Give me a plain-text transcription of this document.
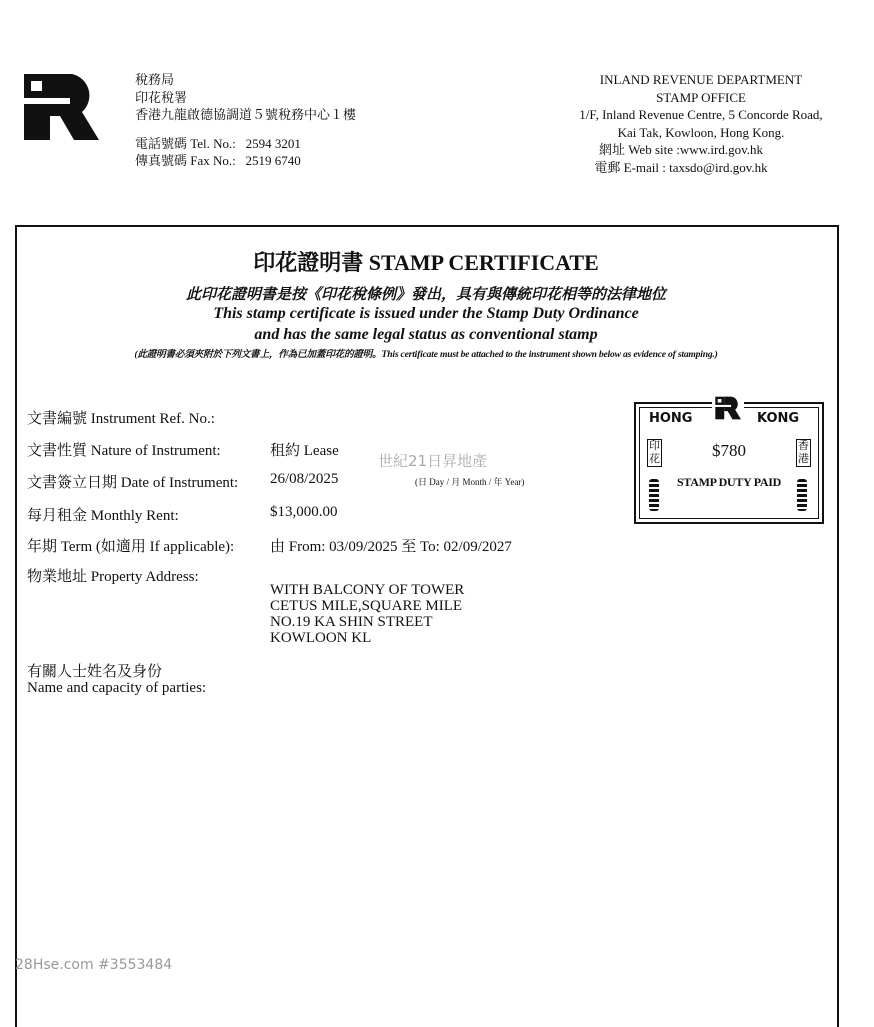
稅務局
印花稅署
香港九龍啟德協調道５號稅務中心１樓
電話號碼 Tel. No.: 2594 3201
傳真號碼 Fax No.: 2519 6740
INLAND REVENUE DEPARTMENT
STAMP OFFICE
1/F, Inland Revenue Centre, 5 Concorde Road,
Kai Tak, Kowloon, Hong Kong.
網址 Web site :www.ird.gov.hk
電郵 E-mail : taxsdo@ird.gov.hk
印花證明書 STAMP CERTIFICATE
此印花證明書是按《印花稅條例》發出，具有與傳統印花相等的法律地位
This stamp certificate is issued under the Stamp Duty Ordinance
and has the same legal status as conventional stamp
(此證明書必須夾附於下列文書上，作為已加蓋印花的證明。This certificate must be attached to the instrument shown below as evidence of stamping.)
文書編號 Instrument Ref. No.:
文書性質 Nature of Instrument:	租約 Lease
世紀21日昇地產
文書簽立日期 Date of Instrument: 26/08/2025	(日 Day / 月 Month / 年 Year)
每月租金 Monthly Rent:	$13,000.00
年期 Term (如適用 If applicable): 由 From: 03/09/2025 至 To: 02/09/2027
物業地址 Property Address:
WITH BALCONY OF TOWER
CETUS MILE,SQUARE MILE
NO.19 KA SHIN STREET
KOWLOON KL
有關人士姓名及身份
Name and capacity of parties:
HONG	KONG
印花
香港
$780
STAMP DUTY PAID
28Hse.com #3553484
